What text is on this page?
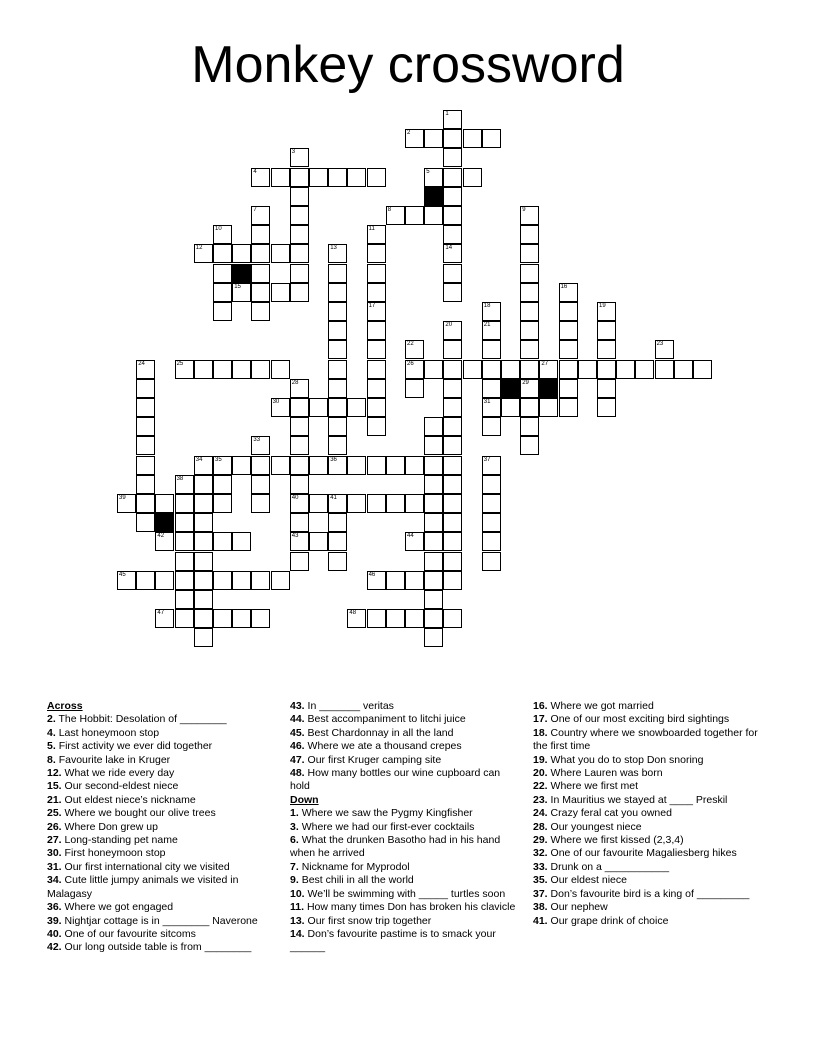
Monkey crossword
2
4	5
8
12
15
25	26	27
30	31
34 35	36
39	40	41
42	43	44
45	46
47	48
1
14
3
7	9
29
10	11
17
13
16
18
21
19
20
22	23
24
28
33
37
38
Across
2. The Hobbit: Desolation of ________
4. Last honeymoon stop
5. First activity we ever did together
8. Favourite lake in Kruger
12. What we ride every day
15. Our second-eldest niece
21. Out eldest niece’s nickname
25. Where we bought our olive trees
26. Where Don grew up
27. Long-standing pet name
30. First honeymoon stop
31. Our first international city we visited
34. Cute little jumpy animals we visited in Malagasy
36. Where we got engaged
39. Nightjar cottage is in ________ Naverone
40. One of our favourite sitcoms
42. Our long outside table is from ________
43. In _______ veritas
44. Best accompaniment to litchi juice
45. Best Chardonnay in all the land
46. Where we ate a thousand crepes
47. Our first Kruger camping site
48. How many bottles our wine cupboard can hold
Down
1. Where we saw the Pygmy Kingfisher
3. Where we had our first-ever cocktails
6. What the drunken Basotho had in his hand when he arrived
7. Nickname for Myprodol
9. Best chili in all the world
10. We’ll be swimming with _____ turtles soon
11. How many times Don has broken his clavicle
13. Our first snow trip together
14. Don’s favourite pastime is to smack your ______
16. Where we got married
17. One of our most exciting bird sightings
18. Country where we snowboarded together for the first time
19. What you do to stop Don snoring
20. Where Lauren was born
22. Where we first met
23. In Mauritius we stayed at ____ Preskil
24. Crazy feral cat you owned
28. Our youngest niece
29. Where we first kissed (2,3,4)
32. One of our favourite Magaliesberg hikes
33. Drunk on a ___________
35. Our eldest niece
37. Don’s favourite bird is a king of _________
38. Our nephew
41. Our grape drink of choice
